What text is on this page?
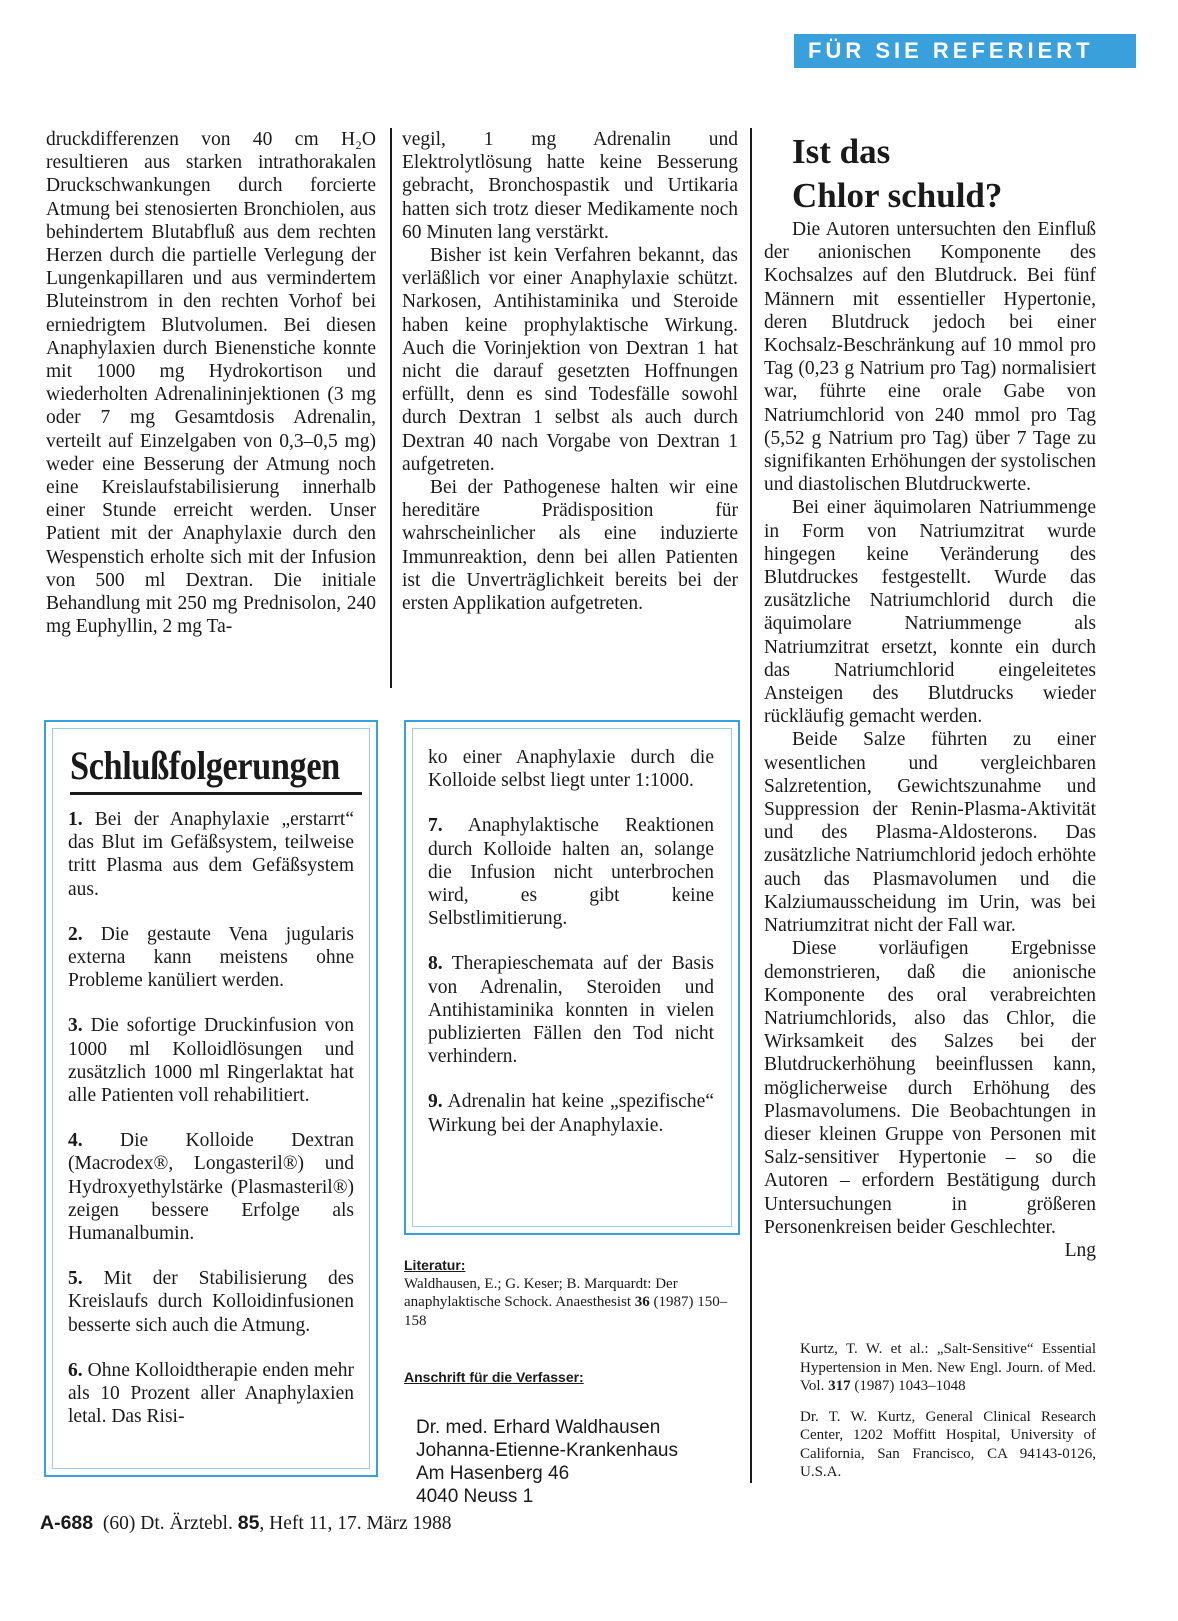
FÜR SIE REFERIERT

druckdifferenzen von 40 cm H₂O resultieren aus starken intrathorakalen Druckschwankungen durch forcierte Atmung bei stenosierten Bronchiolen, aus behindertem Blutabfluß aus dem rechten Herzen durch die partielle Verlegung der Lungenkapillaren und aus vermindertem Bluteinstrom in den rechten Vorhof bei erniedrigtem Blutvolumen. Bei diesen Anaphylaxien durch Bienenstiche konnte mit 1000 mg Hydrokortison und wiederholten Adrenalininjektionen (3 mg oder 7 mg Gesamtdosis Adrenalin, verteilt auf Einzelgaben von 0,3–0,5 mg) weder eine Besserung der Atmung noch eine Kreislaufstabilisierung innerhalb einer Stunde erreicht werden. Unser Patient mit der Anaphylaxie durch den Wespenstich erholte sich mit der Infusion von 500 ml Dextran. Die initiale Behandlung mit 250 mg Prednisolon, 240 mg Euphyllin, 2 mg Ta-

vegil, 1 mg Adrenalin und Elektrolytlösung hatte keine Besserung gebracht, Bronchospastik und Urtikaria hatten sich trotz dieser Medikamente noch 60 Minuten lang verstärkt.

Bisher ist kein Verfahren bekannt, das verläßlich vor einer Anaphylaxie schützt. Narkosen, Antihistaminika und Steroide haben keine prophylaktische Wirkung. Auch die Vorinjektion von Dextran 1 hat nicht die darauf gesetzten Hoffnungen erfüllt, denn es sind Todesfälle sowohl durch Dextran 1 selbst als auch durch Dextran 40 nach Vorgabe von Dextran 1 aufgetreten.

Bei der Pathogenese halten wir eine hereditäre Prädisposition für wahrscheinlicher als eine induzierte Immunreaktion, denn bei allen Patienten ist die Unverträglichkeit bereits bei der ersten Applikation aufgetreten.

Schlußfolgerungen

1. Bei der Anaphylaxie „erstarrt“ das Blut im Gefäßsystem, teilweise tritt Plasma aus dem Gefäßsystem aus.

2. Die gestaute Vena jugularis externa kann meistens ohne Probleme kanüliert werden.

3. Die sofortige Druckinfusion von 1000 ml Kolloidlösungen und zusätzlich 1000 ml Ringerlaktat hat alle Patienten voll rehabilitiert.

4. Die Kolloide Dextran (Macrodex®, Longasteril®) und Hydroxyethylstärke (Plasmasteril®) zeigen bessere Erfolge als Humanalbumin.

5. Mit der Stabilisierung des Kreislaufs durch Kolloidinfusionen besserte sich auch die Atmung.

6. Ohne Kolloidtherapie enden mehr als 10 Prozent aller Anaphylaxien letal. Das Risi-

ko einer Anaphylaxie durch die Kolloide selbst liegt unter 1:1000.

7. Anaphylaktische Reaktionen durch Kolloide halten an, solange die Infusion nicht unterbrochen wird, es gibt keine Selbstlimitierung.

8. Therapieschemata auf der Basis von Adrenalin, Steroiden und Antihistaminika konnten in vielen publizierten Fällen den Tod nicht verhindern.

9. Adrenalin hat keine „spezifische“ Wirkung bei der Anaphylaxie.

Literatur:
Waldhausen, E.; G. Keser; B. Marquardt: Der anaphylaktische Schock. Anaesthesist 36 (1987) 150–158
Anschrift für die Verfasser:
Dr. med. Erhard Waldhausen
Johanna-Etienne-Krankenhaus
Am Hasenberg 46
4040 Neuss 1
Ist das
Chlor schuld?

Die Autoren untersuchten den Einfluß der anionischen Komponente des Kochsalzes auf den Blutdruck. Bei fünf Männern mit essentieller Hypertonie, deren Blutdruck jedoch bei einer Kochsalz-Beschränkung auf 10 mmol pro Tag (0,23 g Natrium pro Tag) normalisiert war, führte eine orale Gabe von Natriumchlorid von 240 mmol pro Tag (5,52 g Natrium pro Tag) über 7 Tage zu signifikanten Erhöhungen der systolischen und diastolischen Blutdruckwerte.

Bei einer äquimolaren Natriummenge in Form von Natriumzitrat wurde hingegen keine Veränderung des Blutdruckes festgestellt. Wurde das zusätzliche Natriumchlorid durch die äquimolare Natriummenge als Natriumzitrat ersetzt, konnte ein durch das Natriumchlorid eingeleitetes Ansteigen des Blutdrucks wieder rückläufig gemacht werden.

Beide Salze führten zu einer wesentlichen und vergleichbaren Salzretention, Gewichtszunahme und Suppression der Renin-Plasma-Aktivität und des Plasma-Aldosterons. Das zusätzliche Natriumchlorid jedoch erhöhte auch das Plasmavolumen und die Kalziumausscheidung im Urin, was bei Natriumzitrat nicht der Fall war.

Diese vorläufigen Ergebnisse demonstrieren, daß die anionische Komponente des oral verabreichten Natriumchlorids, also das Chlor, die Wirksamkeit des Salzes bei der Blutdruckerhöhung beeinflussen kann, möglicherweise durch Erhöhung des Plasmavolumens. Die Beobachtungen in dieser kleinen Gruppe von Personen mit Salz-sensitiver Hypertonie – so die Autoren – erfordern Bestätigung durch Untersuchungen in größeren Personenkreisen beider Geschlechter.

Lng

Kurtz, T. W. et al.: „Salt-Sensitive“ Essential Hypertension in Men. New Engl. Journ. of Med. Vol. 317 (1987) 1043–1048
Dr. T. W. Kurtz, General Clinical Research Center, 1202 Moffitt Hospital, University of California, San Francisco, CA 94143-0126, U.S.A.
A-688 (60) Dt. Ärztebl. 85, Heft 11, 17. März 1988
